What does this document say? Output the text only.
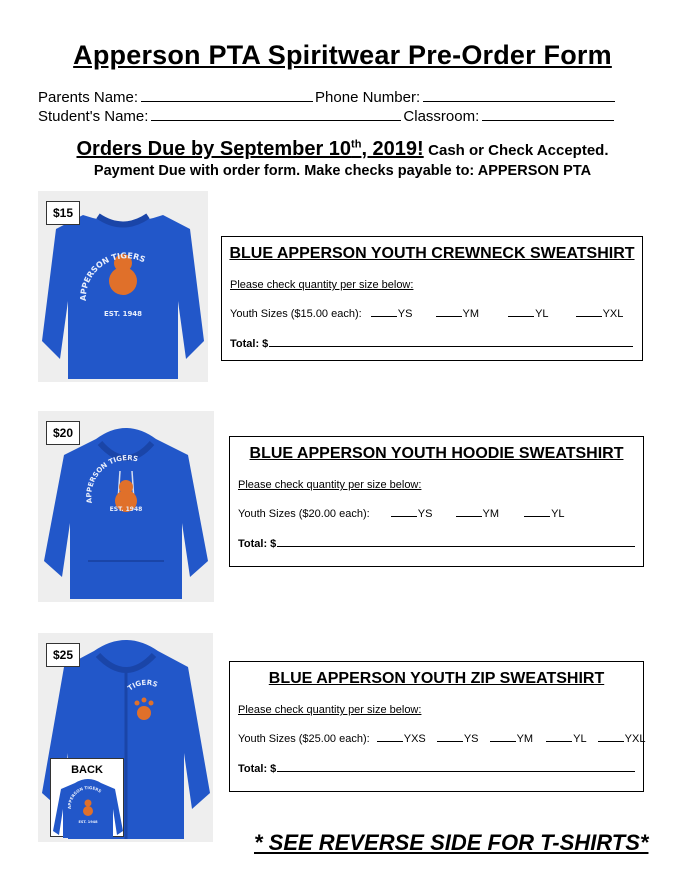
Apperson PTA Spiritwear Pre-Order Form
Parents Name:	Phone Number:
Student's Name:	Classroom:
Orders Due by September 10th, 2019! Cash or Check Accepted.
Payment Due with order form. Make checks payable to: APPERSON PTA
EST. 1948
APPERSON TIGERS
$15
BLUE APPERSON YOUTH CREWNECK SWEATSHIRT
Please check quantity per size below:
Youth Sizes ($15.00 each):	YS	YM	YL	YXL
Total: $
EST. 1948
APPERSON TIGERS
$20
BLUE APPERSON YOUTH HOODIE SWEATSHIRT
Please check quantity per size below:
Youth Sizes ($20.00 each):	YS	YM	YL
Total: $
TIGERS
$25
BACK
EST. 1948
APPERSON TIGERS
BLUE APPERSON YOUTH ZIP SWEATSHIRT
Please check quantity per size below:
Youth Sizes ($25.00 each):	YXS	YS	YM	YL	YXL
Total: $
* SEE REVERSE SIDE FOR T-SHIRTS*
